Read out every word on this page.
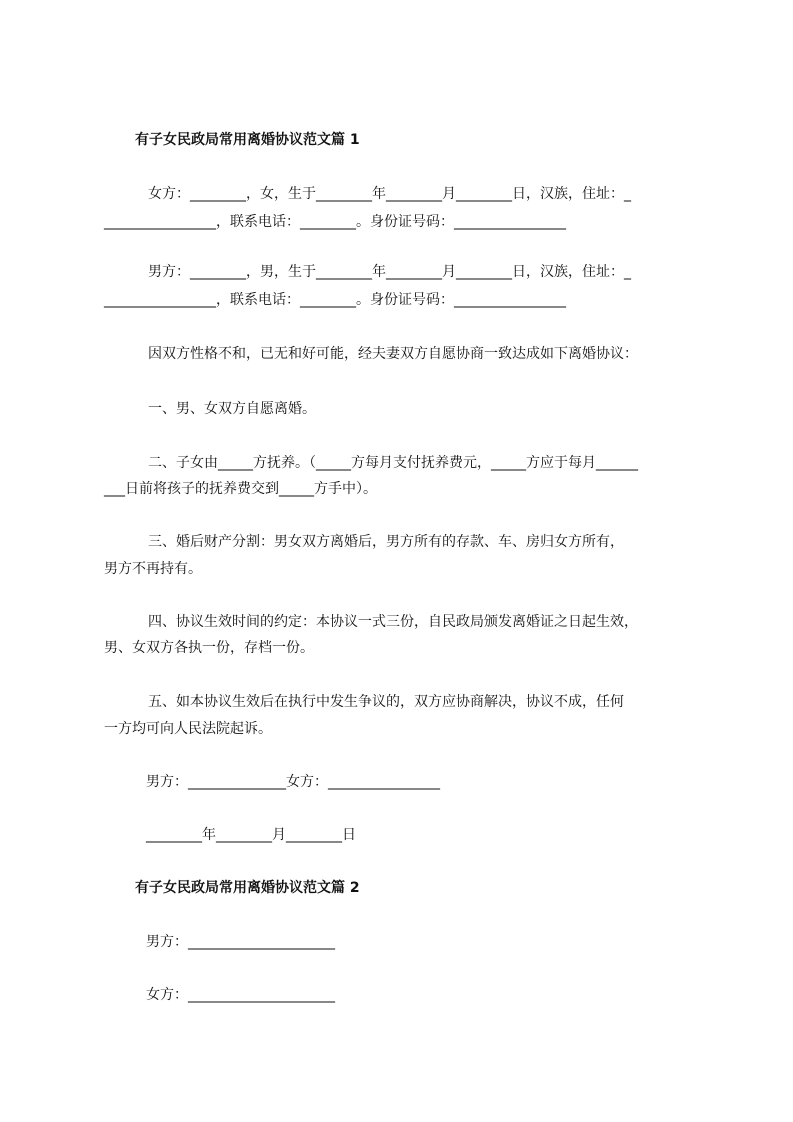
有子女民政局常用离婚协议范文篇 1
女方：________，女，生于________年________月________日，汉族，住址：_
________________，联系电话：________。身份证号码：________________
男方：________，男，生于________年________月________日，汉族，住址：_
________________，联系电话：________。身份证号码：________________
因双方性格不和，已无和好可能，经夫妻双方自愿协商一致达成如下离婚协议：
一、男、女双方自愿离婚。
二、子女由_____方抚养。（_____方每月支付抚养费元，_____方应于每月______
___日前将孩子的抚养费交到_____方手中）。
三、婚后财产分割：男女双方离婚后，男方所有的存款、车、房归女方所有，
男方不再持有。
四、协议生效时间的约定：本协议一式三份，自民政局颁发离婚证之日起生效，
男、女双方各执一份，存档一份。
五、如本协议生效后在执行中发生争议的，双方应协商解决，协议不成，任何
一方均可向人民法院起诉。
男方：______________女方：________________
________年________月________日
有子女民政局常用离婚协议范文篇 2
男方：_____________________
女方：_____________________
